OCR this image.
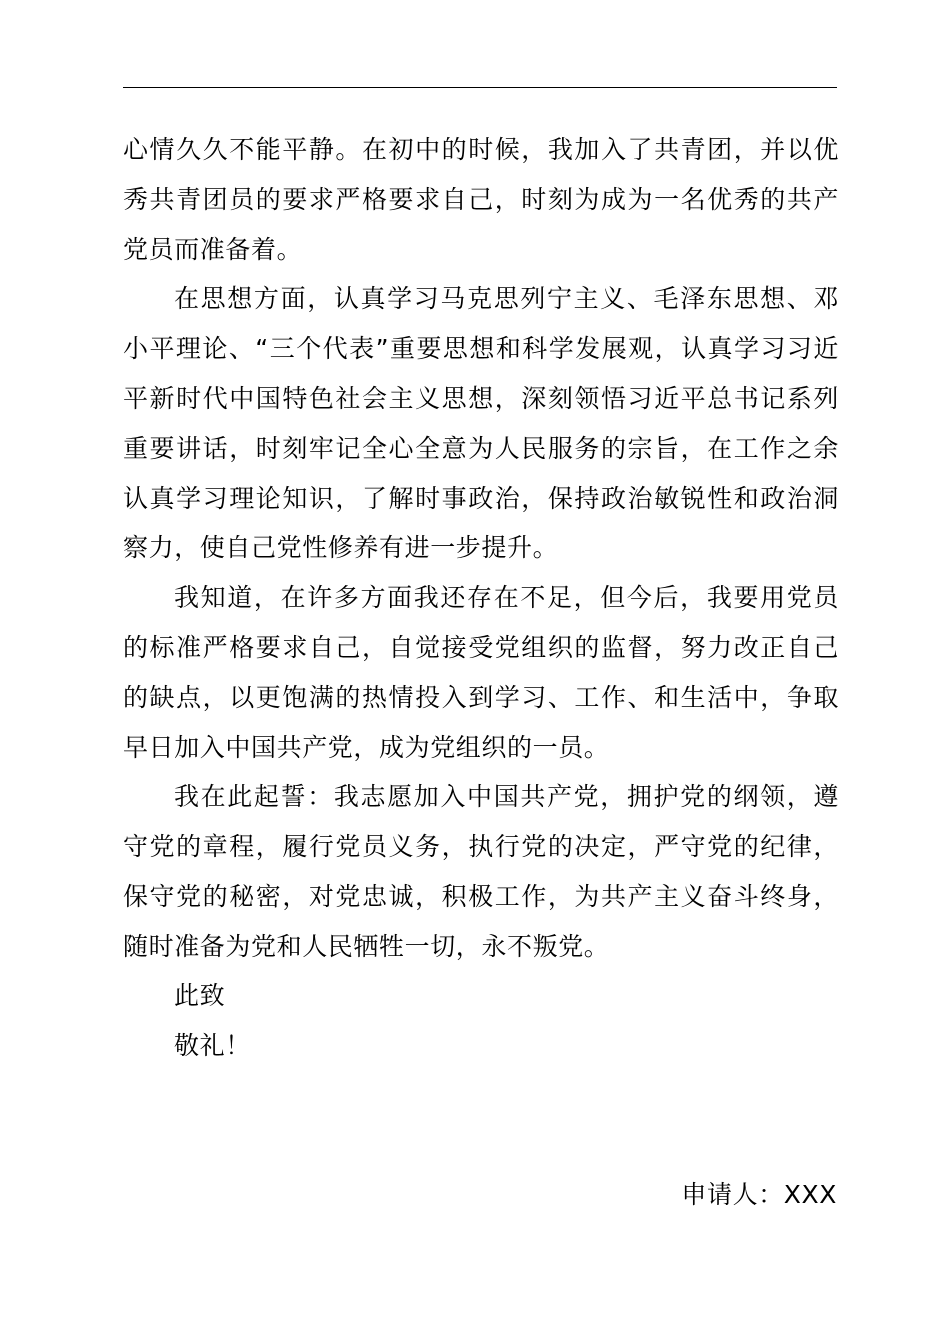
心情久久不能平静。在初中的时候，我加入了共青团，并以优秀共青团员的要求严格要求自己，时刻为成为一名优秀的共产党员而准备着。

在思想方面，认真学习马克思列宁主义、毛泽东思想、邓小平理论、“三个代表”重要思想和科学发展观，认真学习习近平新时代中国特色社会主义思想，深刻领悟习近平总书记系列重要讲话，时刻牢记全心全意为人民服务的宗旨，在工作之余认真学习理论知识，了解时事政治，保持政治敏锐性和政治洞察力，使自己党性修养有进一步提升。

我知道，在许多方面我还存在不足，但今后，我要用党员的标准严格要求自己，自觉接受党组织的监督，努力改正自己的缺点，以更饱满的热情投入到学习、工作、和生活中，争取早日加入中国共产党，成为党组织的一员。

我在此起誓：我志愿加入中国共产党，拥护党的纲领，遵守党的章程，履行党员义务，执行党的决定，严守党的纪律，保守党的秘密，对党忠诚，积极工作，为共产主义奋斗终身，随时准备为党和人民牺牲一切，永不叛党。

此致
敬礼！
申请人：XXX
